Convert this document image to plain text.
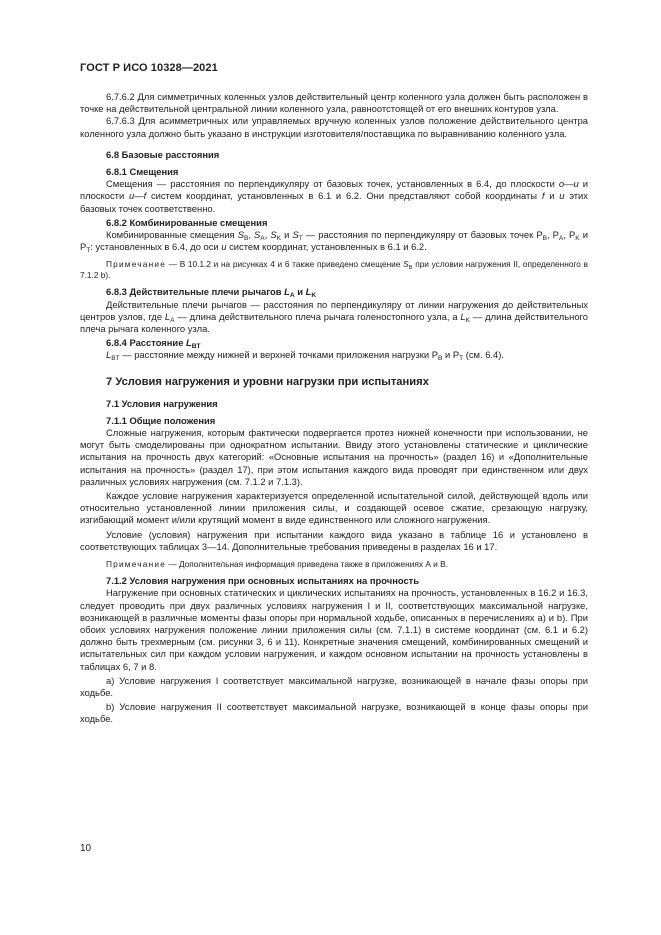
ГОСТ Р ИСО 10328—2021

6.7.6.2 Для симметричных коленных узлов действительный центр коленного узла должен быть расположен в точке на действительной центральной линии коленного узла, равноотстоящей от его внешних контуров узла.

6.7.6.3 Для асимметричных или управляемых вручную коленных узлов положение действительного центра коленного узла должно быть указано в инструкции изготовителя/поставщика по выравниванию коленного узла.

6.8 Базовые расстояния

6.8.1 Смещения

Смещения — расстояния по перпендикуляру от базовых точек, установленных в 6.4, до плоскости o—u и плоскости u—f систем координат, установленных в 6.1 и 6.2. Они представляют собой координаты f и u этих базовых точек соответственно.

6.8.2 Комбинированные смещения

Комбинированные смещения $S_B$, $S_A$, $S_K$ и $S_T$ — расстояния по перпендикуляру от базовых точек $P_B$, $P_A$, $P_K$ и $P_T$: установленных в 6.4, до оси u систем координат, установленных в 6.1 и 6.2.

Примечание — В 10.1.2 и на рисунках 4 и 6 также приведено смещение $S_B$ при условии нагружения II, определенного в 7.1.2 b).

6.8.3 Действительные плечи рычагов $L_A$ и $L_K$

Действительные плечи рычагов — расстояния по перпендикуляру от линии нагружения до действительных центров узлов, где $L_A$ — длина действительного плеча рычага голеностопного узла, а $L_K$ — длина действительного плеча рычага коленного узла.

6.8.4 Расстояние $L_{BT}$

$L_{BT}$ — расстояние между нижней и верхней точками приложения нагрузки $P_B$ и $P_T$ (см. 6.4).

7 Условия нагружения и уровни нагрузки при испытаниях

7.1 Условия нагружения

7.1.1 Общие положения

Сложные нагружения, которым фактически подвергается протез нижней конечности при использовании, не могут быть смоделированы при однократном испытании. Ввиду этого установлены статические и циклические испытания на прочность двух категорий: «Основные испытания на прочность» (раздел 16) и «Дополнительные испытания на прочность» (раздел 17), при этом испытания каждого вида проводят при единственном или двух различных условиях нагружения (см. 7.1.2 и 7.1.3).

Каждое условие нагружения характеризуется определенной испытательной силой, действующей вдоль или относительно установленной линии приложения силы, и создающей осевое сжатие, срезающую нагрузку, изгибающий момент и/или крутящий момент в виде единственного или сложного нагружения.

Условие (условия) нагружения при испытании каждого вида указано в таблице 16 и установлено в соответствующих таблицах 3—14. Дополнительные требования приведены в разделах 16 и 17.

Примечание — Дополнительная информация приведена также в приложениях А и В.

7.1.2 Условия нагружения при основных испытаниях на прочность

Нагружение при основных статических и циклических испытаниях на прочность, установленных в 16.2 и 16.3, следует проводить при двух различных условиях нагружения I и II, соответствующих максимальной нагрузке, возникающей в различные моменты фазы опоры при нормальной ходьбе, описанных в перечислениях а) и b). При обоих условиях нагружения положение линии приложения силы (см. 7.1.1) в системе координат (см. 6.1 и 6.2) должно быть трехмерным (см. рисунки 3, 6 и 11). Конкретные значения смещений, комбинированных смещений и испытательных сил при каждом условии нагружения, и каждом основном испытании на прочность установлены в таблицах 6, 7 и 8.

а) Условие нагружения I соответствует максимальной нагрузке, возникающей в начале фазы опоры при ходьбе.

b) Условие нагружения II соответствует максимальной нагрузке, возникающей в конце фазы опоры при ходьбе.

10
